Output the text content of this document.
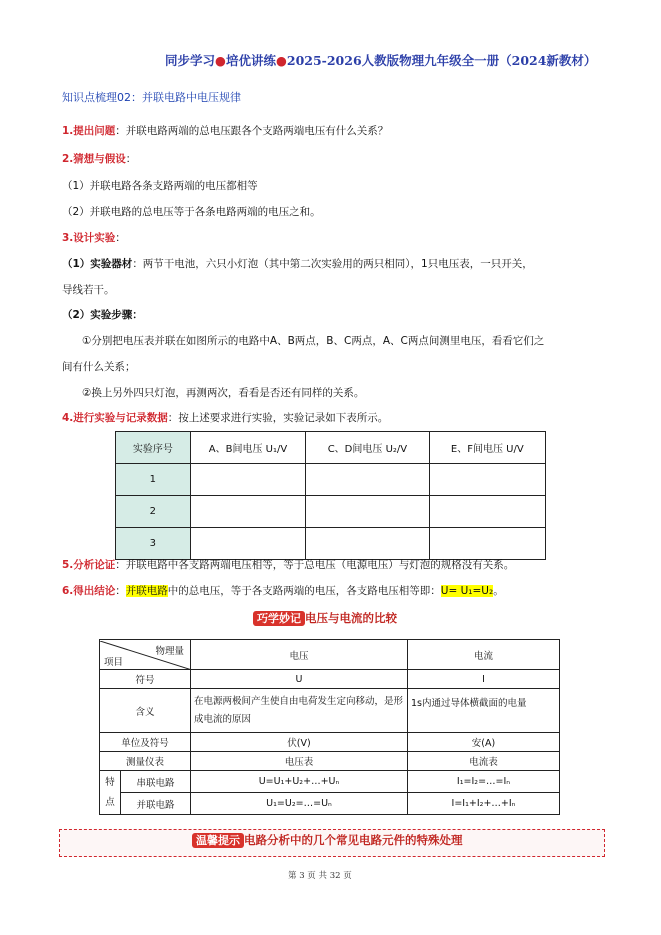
同步学习●培优讲练●2025-2026人教版物理九年级全一册（2024新教材）
知识点梳理02：并联电路中电压规律
1.提出问题：并联电路两端的总电压跟各个支路两端电压有什么关系？
2.猜想与假设：
（1）并联电路各条支路两端的电压都相等
（2）并联电路的总电压等于各条电路两端的电压之和。
3.设计实验：
（1）实验器材：两节干电池，六只小灯泡（其中第二次实验用的两只相同），1只电压表，一只开关，
导线若干。
（2）实验步骤：
①分别把电压表并联在如图所示的电路中A、B两点，B、C两点，A、C两点间测里电压，看看它们之
间有什么关系；
②换上另外四只灯泡，再测两次，看看是否还有同样的关系。
4.进行实验与记录数据：按上述要求进行实验，实验记录如下表所示。
实验序号	A、B间电压 U₁/V	C、D间电压 U₂/V	E、F间电压 U/V
1			
2			
3			
5.分析论证：并联电路中各支路两端电压相等，等于总电压（电源电压）与灯泡的规格没有关系。
6.得出结论：并联电路中的总电压，等于各支路两端的电压，各支路电压相等即：U= U₁=U₂。
巧学妙记 电压与电流的比较
物理量
项目		电压	电流
符号		U	I
含义		在电源两极间产生使自由电荷发生定向移动，是形成电流的原因	1s内通过导体横截面的电量
单位及符号		伏(V)	安(A)
测量仪表		电压表	电流表
特点	串联电路	U=U₁+U₂+…+Uₙ	I₁=I₂=…=Iₙ
	并联电路	U₁=U₂=…=Uₙ	I=I₁+I₂+…+Iₙ
温馨提示 电路分析中的几个常见电路元件的特殊处理
第 3 页 共 32 页
